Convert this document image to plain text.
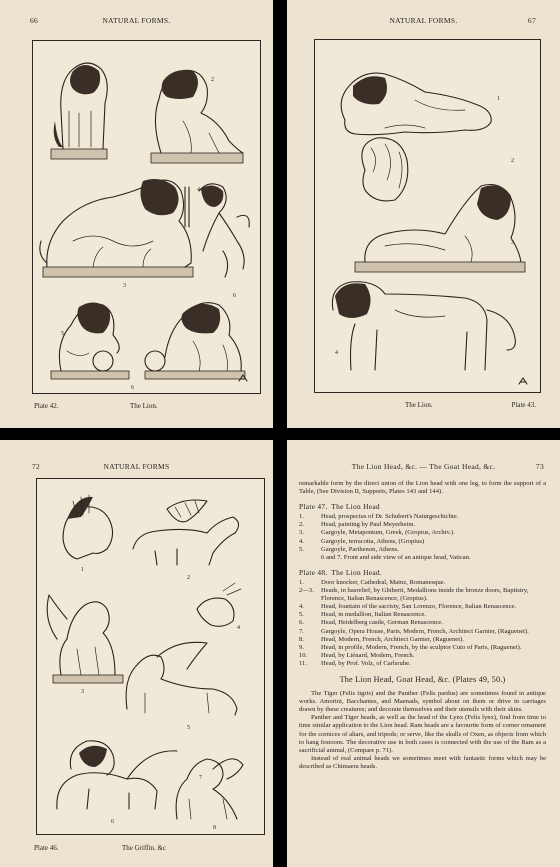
66	NATURAL FORMS.
2
3
4
6
5
6
Plate 42.	The Lion.
NATURAL FORMS.	67
1
2
3
4
The Lion.	Plate 43.
72	NATURAL FORMS
1
2
3
4
5
6
7
8
Plate 46.	The Griffin. &c
The Lion Head, &c. — The Goat Head, &c.	73

remarkable form by the direct union of the Lion head with one leg, to form the support of a Table, (See Division II, Supports, Plates 143 and 144).

Plate 47. The Lion Head
1.	Head, prospectus of Dr. Schubert's Naturgeschichte.
2.	Head, painting by Paul Meyerheim.
3.	Gargoyle, Metapontum, Greek, (Gropius, Archiv.).
4.	Gargoyle, terracotta, Athens, (Gropius)
5.	Gargoyle, Parthenon, Athens.
6 and 7. Front and side view of an antique head, Vatican.
Plate 48. The Lion Head.
1.	Door knocker, Cathedral, Mainz, Romanesque.
2—3.	Heads, in basrelief, by Ghiberti, Medallions inside the bronze doors, Baptistry, Florence, Italian Renascence, (Gropius).
4.	Head, fountain of the sacristy, San Lorenzo, Florence, Italian Renascence.
5.	Head, in medallion, Italian Renascence.
6.	Head, Heidelberg castle, German Renascence.
7.	Gargoyle, Opera House, Paris, Modern, French, Architect Garnier, (Raguenet).
8.	Head, Modern, French, Architect Garnier, (Raguenet).
9.	Head, in profile, Modern, French, by the sculptor Cuto of Paris, (Raguenet).
10.	Head, by Liénard, Modern, French.
11.	Head, by Prof. Volz, of Carlsruhe.
The Lion Head, Goat Head, &c. (Plates 49, 50.)

The Tiger (Felis tigris) and the Panther (Felis pardus) are sometimes found in antique works. Amorini, Bacchantes, and Maenads, symbol about on them or drive in carriages drawn by these creatures; and decorate themselves and their utensils with their skins.

Panther and Tiger heads, as well as the head of the Lynx (Felis lynx), find from time to time similar application to the Lion head. Ram heads are a favourite form of corner ornament for the cornices of altars, and tripods; or serve, like the skulls of Oxen, as objects from which to hang festoons. The decorative use in both cases is connected with the use of the Ram as a sacrificial animal, (Compare p. 71).

Instead of real animal heads we sometimes meet with fantastic forms which may be described as Chimaera heads.
